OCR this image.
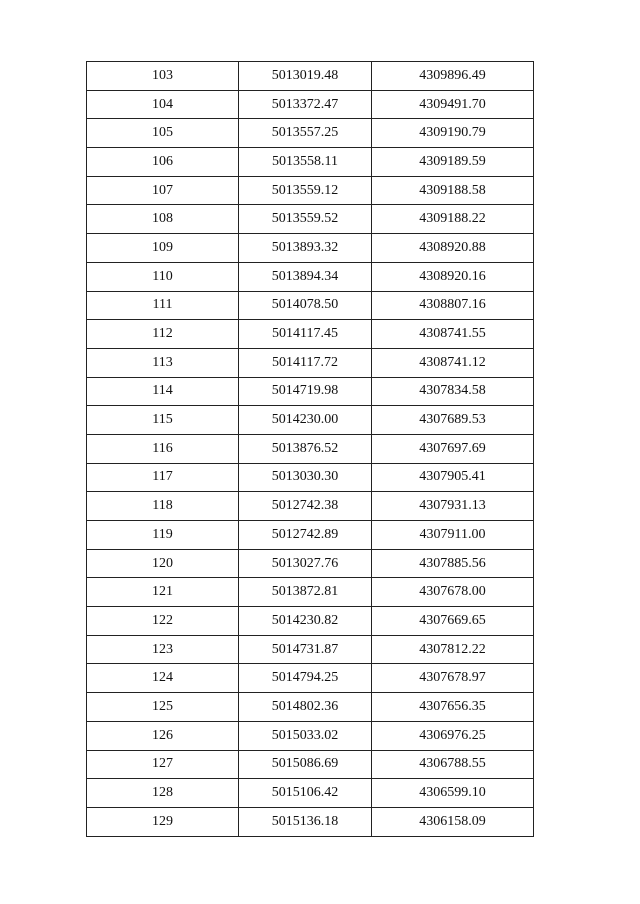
103	5013019.48	4309896.49
104	5013372.47	4309491.70
105	5013557.25	4309190.79
106	5013558.11	4309189.59
107	5013559.12	4309188.58
108	5013559.52	4309188.22
109	5013893.32	4308920.88
110	5013894.34	4308920.16
111	5014078.50	4308807.16
112	5014117.45	4308741.55
113	5014117.72	4308741.12
114	5014719.98	4307834.58
115	5014230.00	4307689.53
116	5013876.52	4307697.69
117	5013030.30	4307905.41
118	5012742.38	4307931.13
119	5012742.89	4307911.00
120	5013027.76	4307885.56
121	5013872.81	4307678.00
122	5014230.82	4307669.65
123	5014731.87	4307812.22
124	5014794.25	4307678.97
125	5014802.36	4307656.35
126	5015033.02	4306976.25
127	5015086.69	4306788.55
128	5015106.42	4306599.10
129	5015136.18	4306158.09
